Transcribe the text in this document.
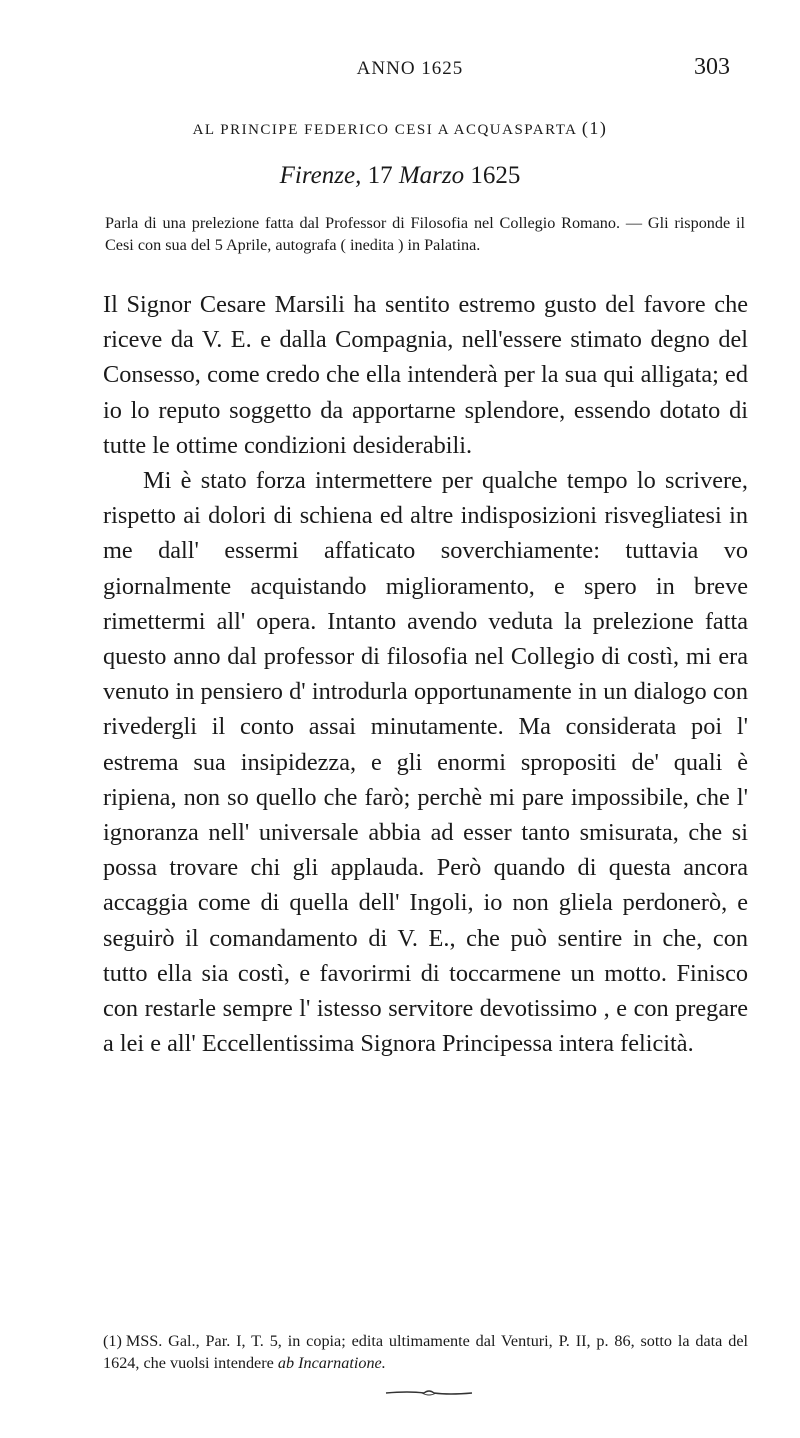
ANNO 1625	303
AL PRINCIPE FEDERICO CESI A ACQUASPARTA (1)
Firenze, 17 Marzo 1625
Parla di una prelezione fatta dal Professor di Filosofia nel Collegio Romano. — Gli risponde il Cesi con sua del 5 Aprile, autografa ( inedita ) in Palatina.

Il Signor Cesare Marsili ha sentito estremo gusto del favore che riceve da V. E. e dalla Compagnia, nell'essere stimato degno del Consesso, come credo che ella intenderà per la sua qui alligata; ed io lo reputo soggetto da apportarne splendore, essendo dotato di tutte le ottime condizioni desiderabili.

Mi è stato forza intermettere per qualche tempo lo scrivere, rispetto ai dolori di schiena ed altre indisposizioni risvegliatesi in me dall' essermi affaticato soverchiamente: tuttavia vo giornalmente acquistando miglioramento, e spero in breve rimettermi all' opera. Intanto avendo veduta la prelezione fatta questo anno dal professor di filosofia nel Collegio di costì, mi era venuto in pensiero d' introdurla opportunamente in un dialogo con rivedergli il conto assai minutamente. Ma considerata poi l' estrema sua insipidezza, e gli enormi spropositi de' quali è ripiena, non so quello che farò; perchè mi pare impossibile, che l' ignoranza nell' universale abbia ad esser tanto smisurata, che si possa trovare chi gli applauda. Però quando di questa ancora accaggia come di quella dell' Ingoli, io non gliela perdonerò, e seguirò il comandamento di V. E., che può sentire in che, con tutto ella sia costì, e favorirmi di toccarmene un motto. Finisco con restarle sempre l' istesso servitore devotissimo , e con pregare a lei e all' Eccellentissima Signora Principessa intera felicità.

(1) MSS. Gal., Par. I, T. 5, in copia; edita ultimamente dal Venturi, P. II, p. 86, sotto la data del 1624, che vuolsi intendere ab Incarnatione.
